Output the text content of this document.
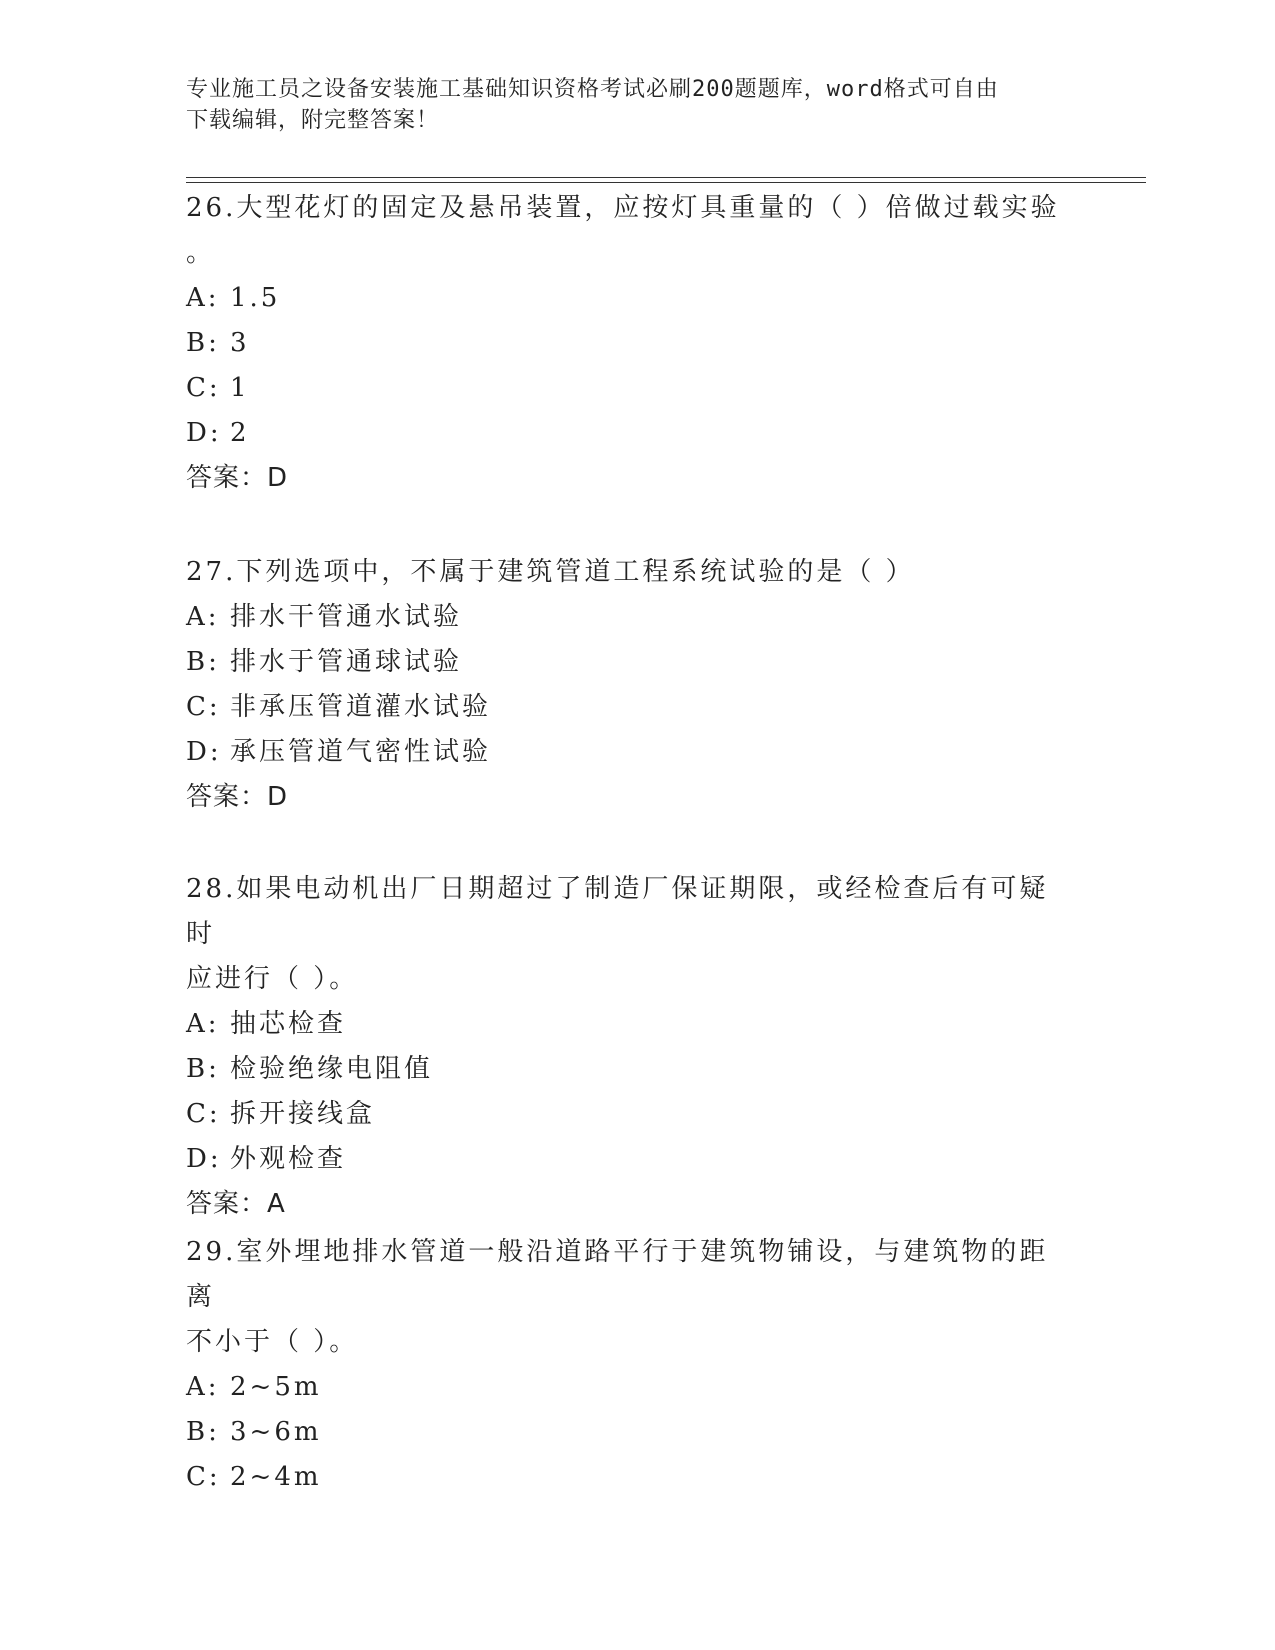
专业施工员之设备安装施工基础知识资格考试必刷200题题库，word格式可自由
下载编辑，附完整答案！

26.大型花灯的固定及悬吊装置，应按灯具重量的（ ）倍做过载实验

。

A: 1.5

B: 3

C: 1

D: 2

答案：D

27.下列选项中，不属于建筑管道工程系统试验的是（ ）

A: 排水干管通水试验

B: 排水于管通球试验

C: 非承压管道灌水试验

D: 承压管道气密性试验

答案：D

28.如果电动机出厂日期超过了制造厂保证期限，或经检查后有可疑时

应进行（ ）。

A: 抽芯检查

B: 检验绝缘电阻值

C: 拆开接线盒

D: 外观检查

答案：A

29.室外埋地排水管道一般沿道路平行于建筑物铺设，与建筑物的距离

不小于（ ）。

A: 2~5m

B: 3~6m

C: 2~4m
